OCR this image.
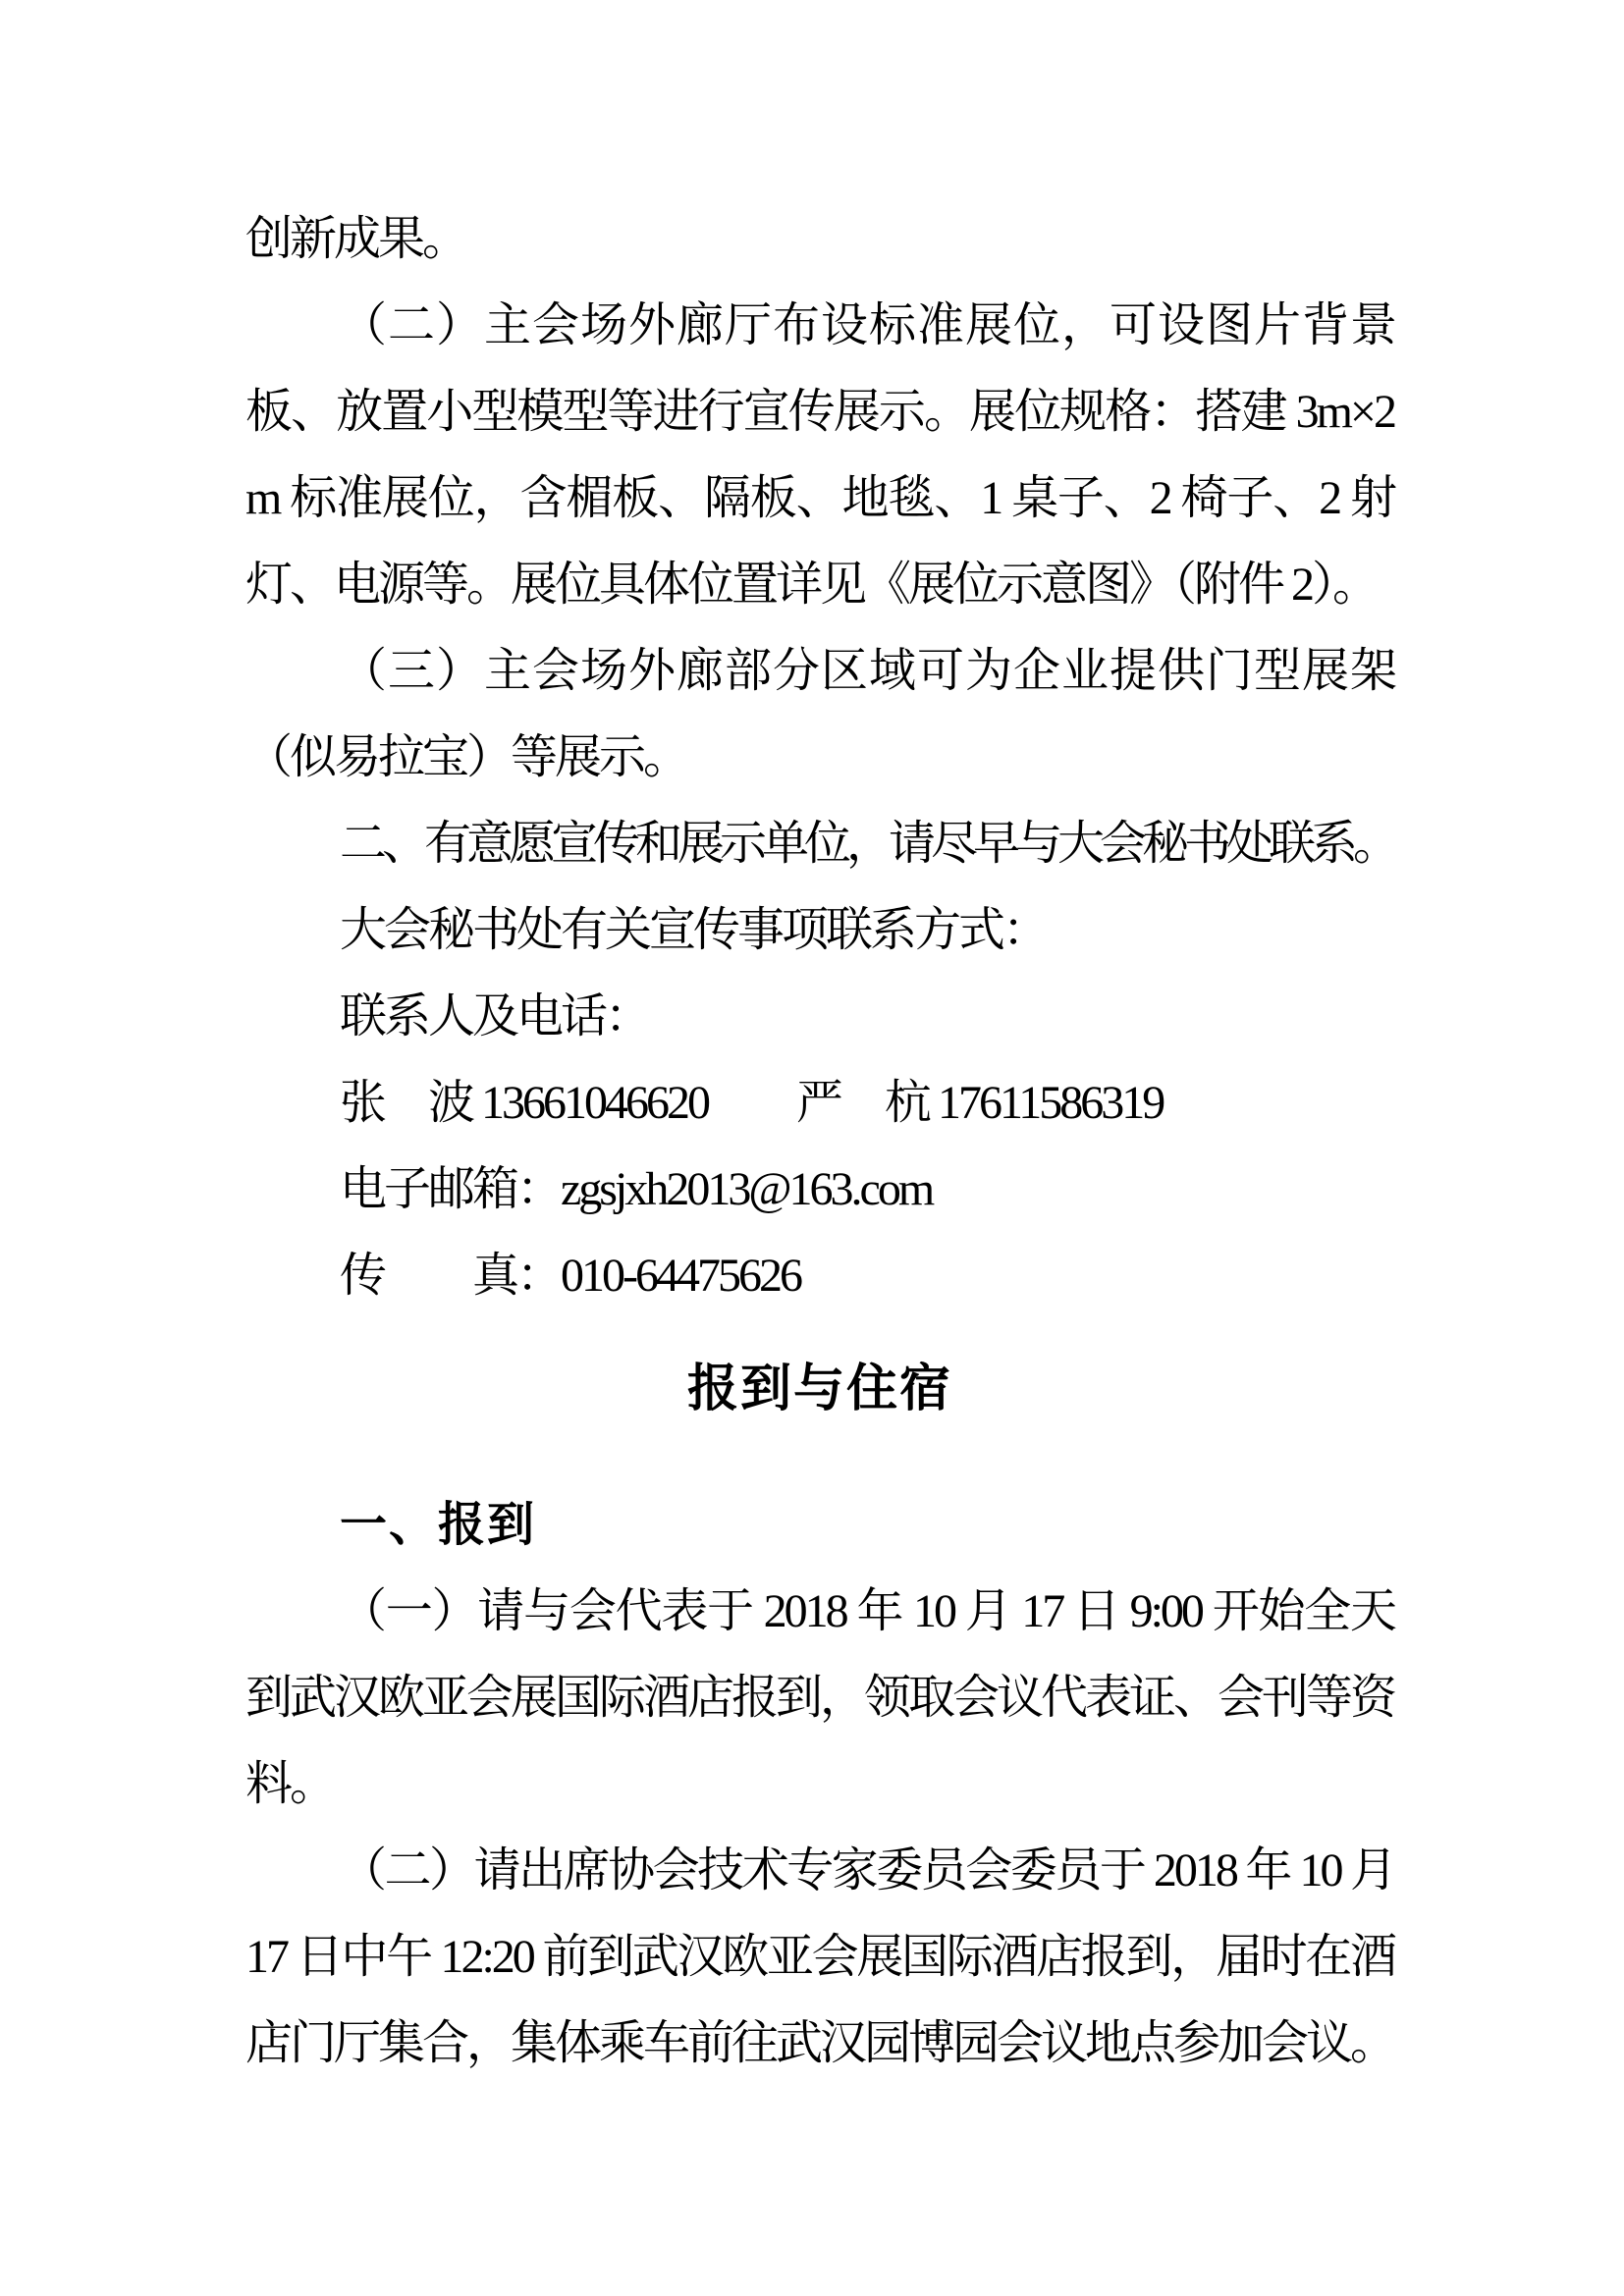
创新成果。

（二）主会场外廊厅布设标准展位，可设图片背景板、放置小型模型等进行宣传展示。展位规格：搭建 3m×2m 标准展位，含楣板、隔板、地毯、1 桌子、2 椅子、2 射灯、电源等。展位具体位置详见《展位示意图》（附件 2）。

（三）主会场外廊部分区域可为企业提供门型展架（似易拉宝）等展示。

二、有意愿宣传和展示单位，请尽早与大会秘书处联系。

大会秘书处有关宣传事项联系方式：

联系人及电话：

张　波 13661046620　　严　杭 17611586319

电子邮箱：zgsjxh2013@163.com

传　　真：010-64475626

报到与住宿
一、报到

（一）请与会代表于 2018 年 10 月 17 日 9:00 开始全天到武汉欧亚会展国际酒店报到，领取会议代表证、会刊等资料。

（二）请出席协会技术专家委员会委员于 2018 年 10 月 17 日中午 12:20 前到武汉欧亚会展国际酒店报到，届时在酒店门厅集合，集体乘车前往武汉园博园会议地点参加会议。
